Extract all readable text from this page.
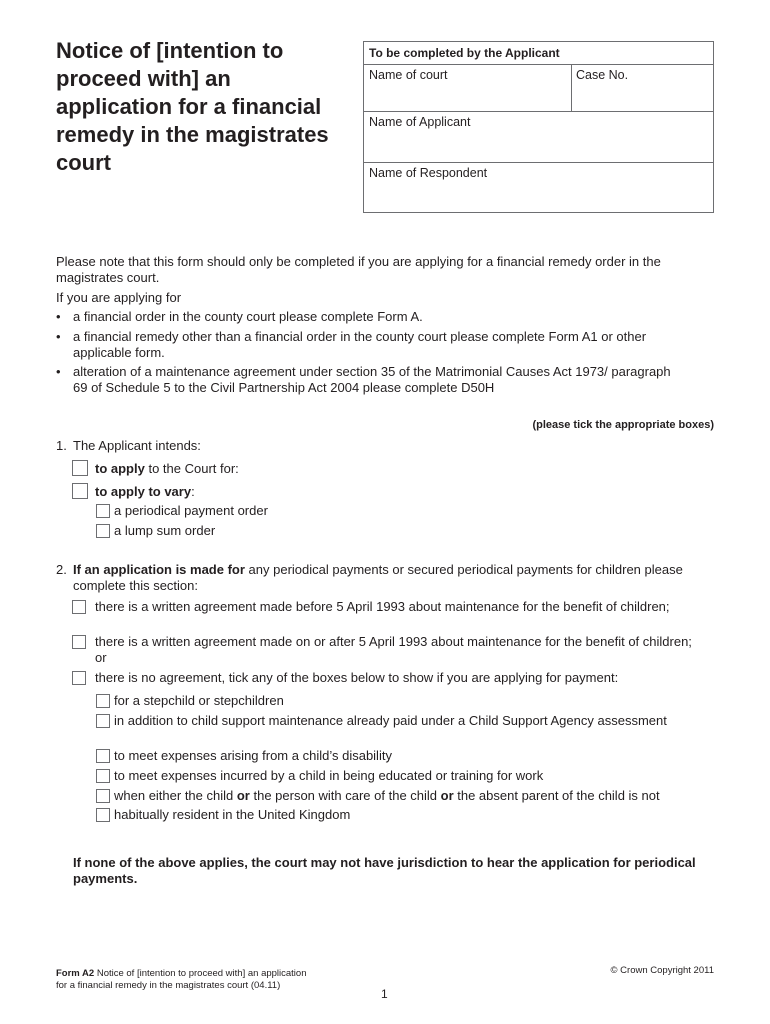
Notice of [intention to proceed with] an application for a financial remedy in the magistrates court
To be completed by the Applicant
Name of court	Case No.
Name of Applicant
Name of Respondent
Please note that this form should only be completed if you are applying for a financial remedy order in the magistrates court.
If you are applying for
• a financial order in the county court please complete Form A.
• a financial remedy other than a financial order in the county court please complete Form A1 or other applicable form.
• alteration of a maintenance agreement under section 35 of the Matrimonial Causes Act 1973/ paragraph 69 of Schedule 5 to the Civil Partnership Act 2004 please complete D50H
(please tick the appropriate boxes)
1. The Applicant intends:
to apply to the Court for:
to apply to vary:
a periodical payment order
a lump sum order
2. If an application is made for any periodical payments or secured periodical payments for children please complete this section:
there is a written agreement made before 5 April 1993 about maintenance for the benefit of children;
there is a written agreement made on or after 5 April 1993 about maintenance for the benefit of children; or
there is no agreement, tick any of the boxes below to show if you are applying for payment:
for a stepchild or stepchildren
in addition to child support maintenance already paid under a Child Support Agency assessment
to meet expenses arising from a child’s disability
to meet expenses incurred by a child in being educated or training for work
when either the child or the person with care of the child or the absent parent of the child is not
habitually resident in the United Kingdom
If none of the above applies, the court may not have jurisdiction to hear the application for periodical payments.
Form A2 Notice of [intention to proceed with] an application
for a financial remedy in the magistrates court (04.11)
© Crown Copyright 2011
1
